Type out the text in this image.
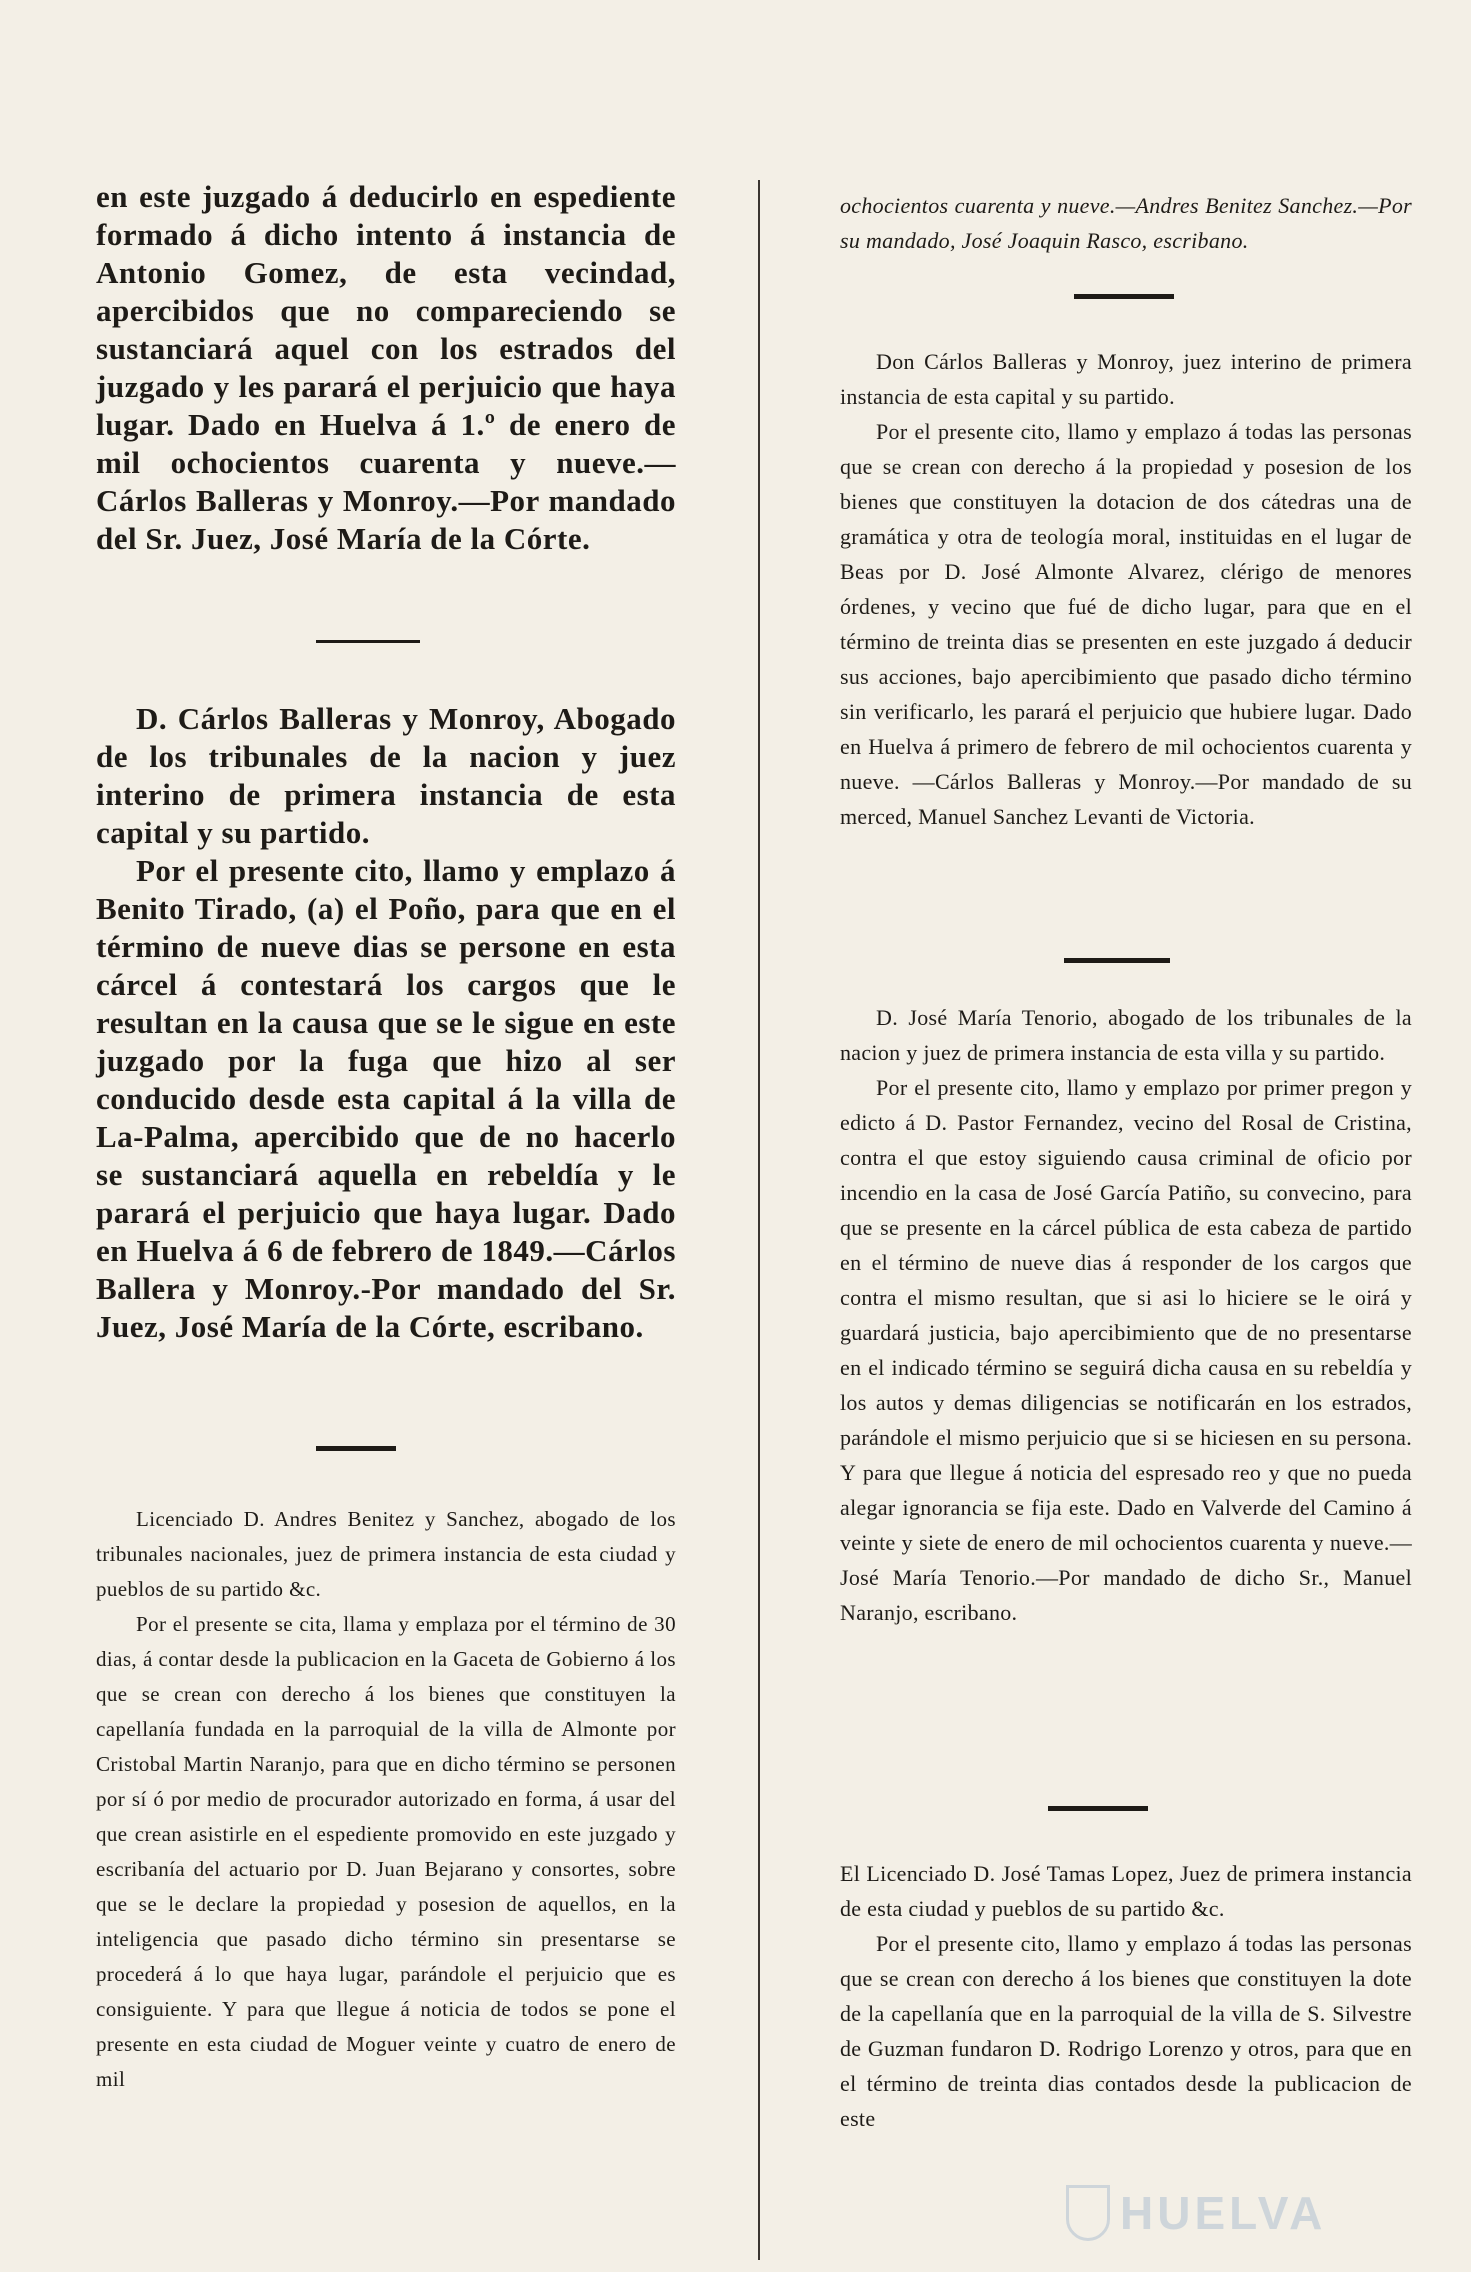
en este juzgado á deducirlo en espediente formado á dicho intento á instancia de Antonio Gomez, de esta vecindad, apercibidos que no compareciendo se sustanciará aquel con los estrados del juzgado y les parará el perjuicio que haya lugar. Dado en Huelva á 1.º de enero de mil ochocientos cuarenta y nueve.—Cárlos Balleras y Monroy.—Por mandado del Sr. Juez, José María de la Córte.

D. Cárlos Balleras y Monroy, Abogado de los tribunales de la nacion y juez interino de primera instancia de esta capital y su partido.

Por el presente cito, llamo y emplazo á Benito Tirado, (a) el Poño, para que en el término de nueve dias se persone en esta cárcel á contestará los cargos que le resultan en la causa que se le sigue en este juzgado por la fuga que hizo al ser conducido desde esta capital á la villa de La-Palma, apercibido que de no hacerlo se sustanciará aquella en rebeldía y le parará el perjuicio que haya lugar. Dado en Huelva á 6 de febrero de 1849.—Cárlos Ballera y Monroy.-Por mandado del Sr. Juez, José María de la Córte, escribano.

Licenciado D. Andres Benitez y Sanchez, abogado de los tribunales nacionales, juez de primera instancia de esta ciudad y pueblos de su partido &c.

Por el presente se cita, llama y emplaza por el término de 30 dias, á contar desde la publicacion en la Gaceta de Gobierno á los que se crean con derecho á los bienes que constituyen la capellanía fundada en la parroquial de la villa de Almonte por Cristobal Martin Naranjo, para que en dicho término se personen por sí ó por medio de procurador autorizado en forma, á usar del que crean asistirle en el espediente promovido en este juzgado y escribanía del actuario por D. Juan Bejarano y consortes, sobre que se le declare la propiedad y posesion de aquellos, en la inteligencia que pasado dicho término sin presentarse se procederá á lo que haya lugar, parándole el perjuicio que es consiguiente. Y para que llegue á noticia de todos se pone el presente en esta ciudad de Moguer veinte y cuatro de enero de mil

ochocientos cuarenta y nueve.—Andres Benitez Sanchez.—Por su mandado, José Joaquin Rasco, escribano.

Don Cárlos Balleras y Monroy, juez interino de primera instancia de esta capital y su partido.

Por el presente cito, llamo y emplazo á todas las personas que se crean con derecho á la propiedad y posesion de los bienes que constituyen la dotacion de dos cátedras una de gramática y otra de teología moral, instituidas en el lugar de Beas por D. José Almonte Alvarez, clérigo de menores órdenes, y vecino que fué de dicho lugar, para que en el término de treinta dias se presenten en este juzgado á deducir sus acciones, bajo apercibimiento que pasado dicho término sin verificarlo, les parará el perjuicio que hubiere lugar. Dado en Huelva á primero de febrero de mil ochocientos cuarenta y nueve. —Cárlos Balleras y Monroy.—Por mandado de su merced, Manuel Sanchez Levanti de Victoria.

D. José María Tenorio, abogado de los tribunales de la nacion y juez de primera instancia de esta villa y su partido.

Por el presente cito, llamo y emplazo por primer pregon y edicto á D. Pastor Fernandez, vecino del Rosal de Cristina, contra el que estoy siguiendo causa criminal de oficio por incendio en la casa de José García Patiño, su convecino, para que se presente en la cárcel pública de esta cabeza de partido en el término de nueve dias á responder de los cargos que contra el mismo resultan, que si asi lo hiciere se le oirá y guardará justicia, bajo apercibimiento que de no presentarse en el indicado término se seguirá dicha causa en su rebeldía y los autos y demas diligencias se notificarán en los estrados, parándole el mismo perjuicio que si se hiciesen en su persona. Y para que llegue á noticia del espresado reo y que no pueda alegar ignorancia se fija este. Dado en Valverde del Camino á veinte y siete de enero de mil ochocientos cuarenta y nueve.—José María Tenorio.—Por mandado de dicho Sr., Manuel Naranjo, escribano.

El Licenciado D. José Tamas Lopez, Juez de primera instancia de esta ciudad y pueblos de su partido &c.

Por el presente cito, llamo y emplazo á todas las personas que se crean con derecho á los bienes que constituyen la dote de la capellanía que en la parroquial de la villa de S. Silvestre de Guzman fundaron D. Rodrigo Lorenzo y otros, para que en el término de treinta dias contados desde la publicacion de este

HUELVA
